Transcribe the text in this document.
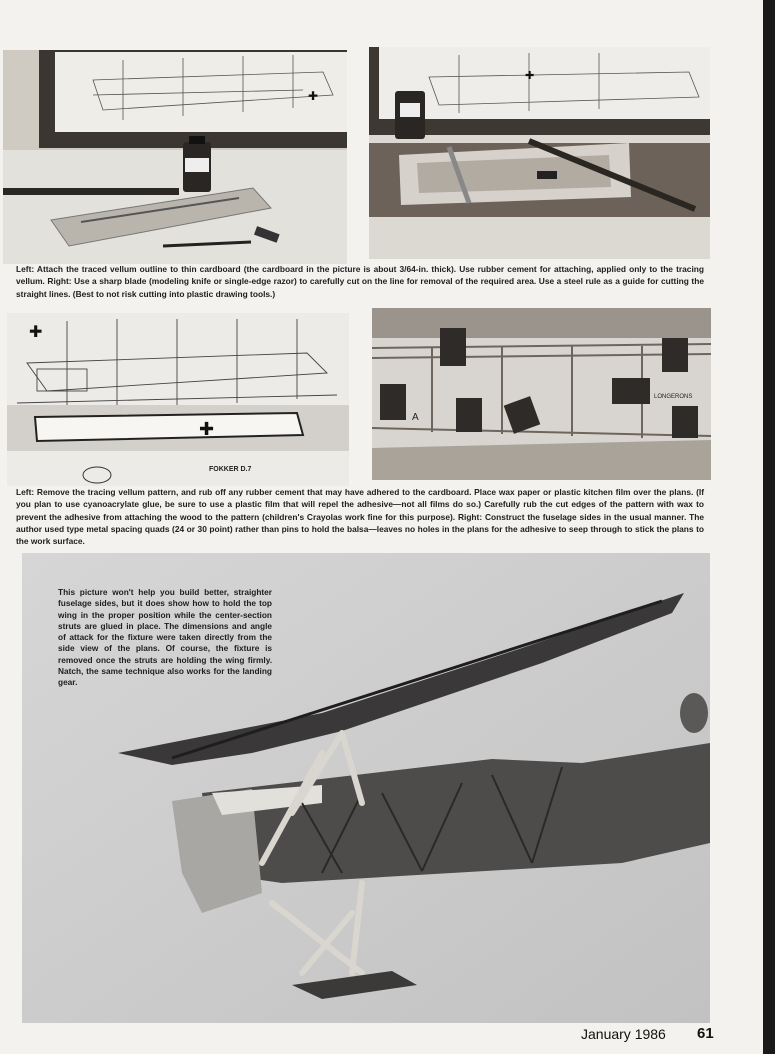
✚
✚

Left: Attach the traced vellum outline to thin cardboard (the cardboard in the picture is about 3/64-in. thick). Use rubber cement for attaching, applied only to the tracing vellum. Right: Use a sharp blade (modeling knife or single-edge razor) to carefully cut on the line for removal of the required area. Use a steel rule as a guide for cutting the straight lines. (Best to not risk cutting into plastic drawing tools.)

✚
✚
FOKKER D.7
A
LONGERONS

Left: Remove the tracing vellum pattern, and rub off any rubber cement that may have adhered to the cardboard. Place wax paper or plastic kitchen film over the plans. (If you plan to use cyanoacrylate glue, be sure to use a plastic film that will repel the adhesive—not all films do so.) Carefully rub the cut edges of the pattern with wax to prevent the adhesive from attaching the wood to the pattern (children's Crayolas work fine for this purpose). Right: Construct the fuselage sides in the usual manner. The author used type metal spacing quads (24 or 30 point) rather than pins to hold the balsa—leaves no holes in the plans for the adhesive to seep through to stick the plans to the work surface.

This picture won't help you build better, straighter fuselage sides, but it does show how to hold the top wing in the proper position while the center-section struts are glued in place. The dimensions and angle of attack for the fixture were taken directly from the side view of the plans. Of course, the fixture is removed once the struts are holding the wing firmly. Natch, the same technique also works for the landing gear.

January 1986 61
